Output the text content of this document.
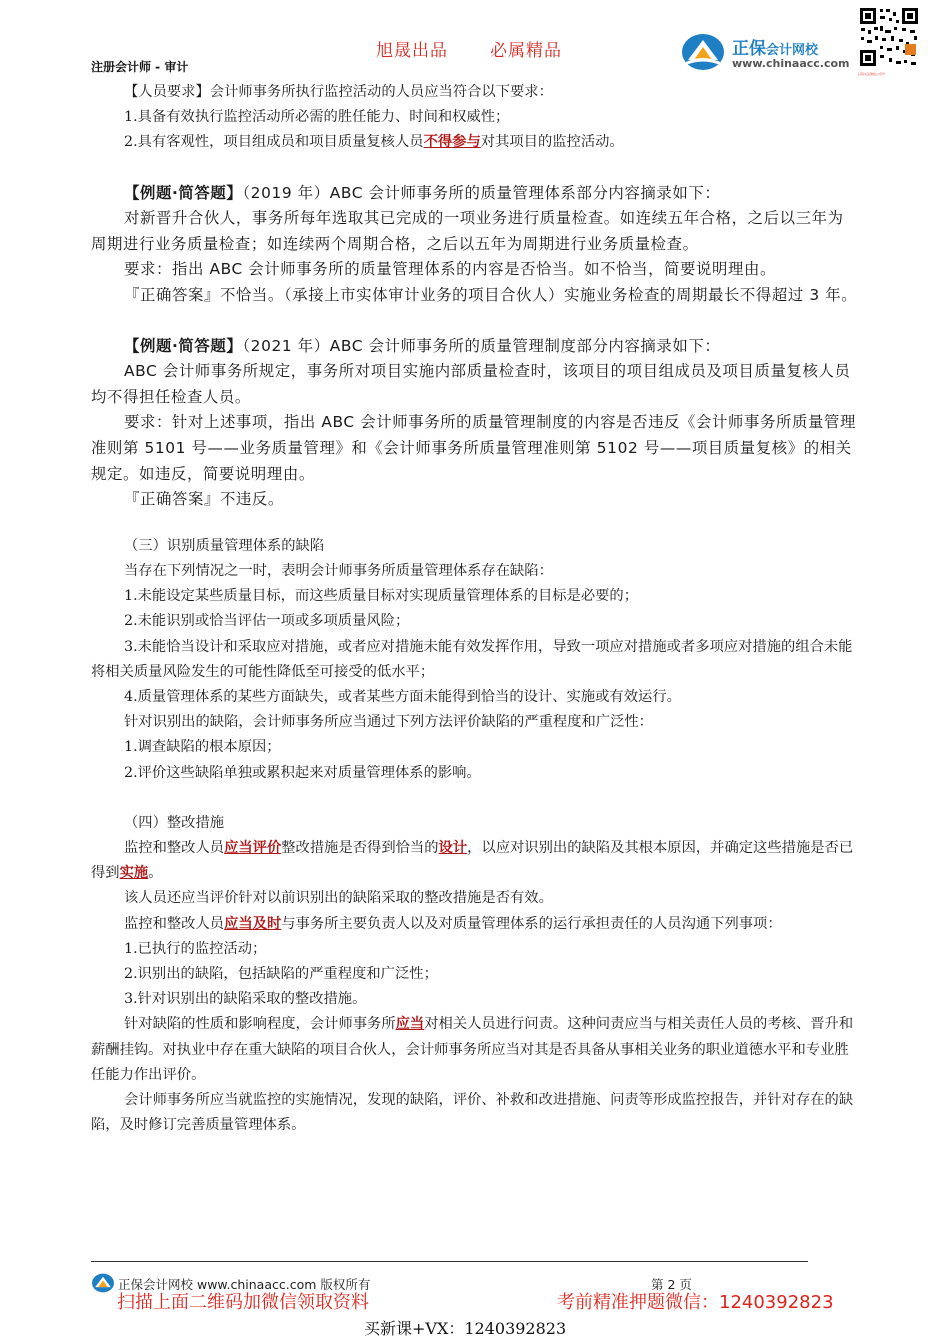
旭晟出品 必属精品
注册会计师 - 审计
正保会计网校
www.chinaacc.com
扫码关注微信公众号

【人员要求】会计师事务所执行监控活动的人员应当符合以下要求：

1.具备有效执行监控活动所必需的胜任能力、时间和权威性；

2.具有客观性，项目组成员和项目质量复核人员不得参与对其项目的监控活动。

【例题·简答题】（2019 年）ABC 会计师事务所的质量管理体系部分内容摘录如下：

对新晋升合伙人，事务所每年选取其已完成的一项业务进行质量检查。如连续五年合格，之后以三年为周期进行业务质量检查；如连续两个周期合格，之后以五年为周期进行业务质量检查。

要求：指出 ABC 会计师事务所的质量管理体系的内容是否恰当。如不恰当，简要说明理由。

『正确答案』不恰当。（承接上市实体审计业务的项目合伙人）实施业务检查的周期最长不得超过 3 年。

【例题·简答题】（2021 年）ABC 会计师事务所的质量管理制度部分内容摘录如下：

ABC 会计师事务所规定，事务所对项目实施内部质量检查时，该项目的项目组成员及项目质量复核人员均不得担任检查人员。

要求：针对上述事项，指出 ABC 会计师事务所的质量管理制度的内容是否违反《会计师事务所质量管理准则第 5101 号——业务质量管理》和《会计师事务所质量管理准则第 5102 号——项目质量复核》的相关规定。如违反，简要说明理由。

『正确答案』不违反。

（三）识别质量管理体系的缺陷

当存在下列情况之一时，表明会计师事务所质量管理体系存在缺陷：

1.未能设定某些质量目标，而这些质量目标对实现质量管理体系的目标是必要的；

2.未能识别或恰当评估一项或多项质量风险；

3.未能恰当设计和采取应对措施，或者应对措施未能有效发挥作用，导致一项应对措施或者多项应对措施的组合未能将相关质量风险发生的可能性降低至可接受的低水平；

4.质量管理体系的某些方面缺失，或者某些方面未能得到恰当的设计、实施或有效运行。

针对识别出的缺陷，会计师事务所应当通过下列方法评价缺陷的严重程度和广泛性：

1.调查缺陷的根本原因；

2.评价这些缺陷单独或累积起来对质量管理体系的影响。

（四）整改措施

监控和整改人员应当评价整改措施是否得到恰当的设计，以应对识别出的缺陷及其根本原因，并确定这些措施是否已得到实施。

该人员还应当评价针对以前识别出的缺陷采取的整改措施是否有效。

监控和整改人员应当及时与事务所主要负责人以及对质量管理体系的运行承担责任的人员沟通下列事项：

1.已执行的监控活动；

2.识别出的缺陷，包括缺陷的严重程度和广泛性；

3.针对识别出的缺陷采取的整改措施。

针对缺陷的性质和影响程度，会计师事务所应当对相关人员进行问责。这种问责应当与相关责任人员的考核、晋升和薪酬挂钩。对执业中存在重大缺陷的项目合伙人，会计师事务所应当对其是否具备从事相关业务的职业道德水平和专业胜任能力作出评价。

会计师事务所应当就监控的实施情况，发现的缺陷，评价、补救和改进措施、问责等形成监控报告，并针对存在的缺陷，及时修订完善质量管理体系。

正保会计网校 www.chinaacc.com 版权所有	第 2 页
扫描上面二维码加微信领取资料	考前精准押题微信：1240392823
买新课+VX：1240392823
